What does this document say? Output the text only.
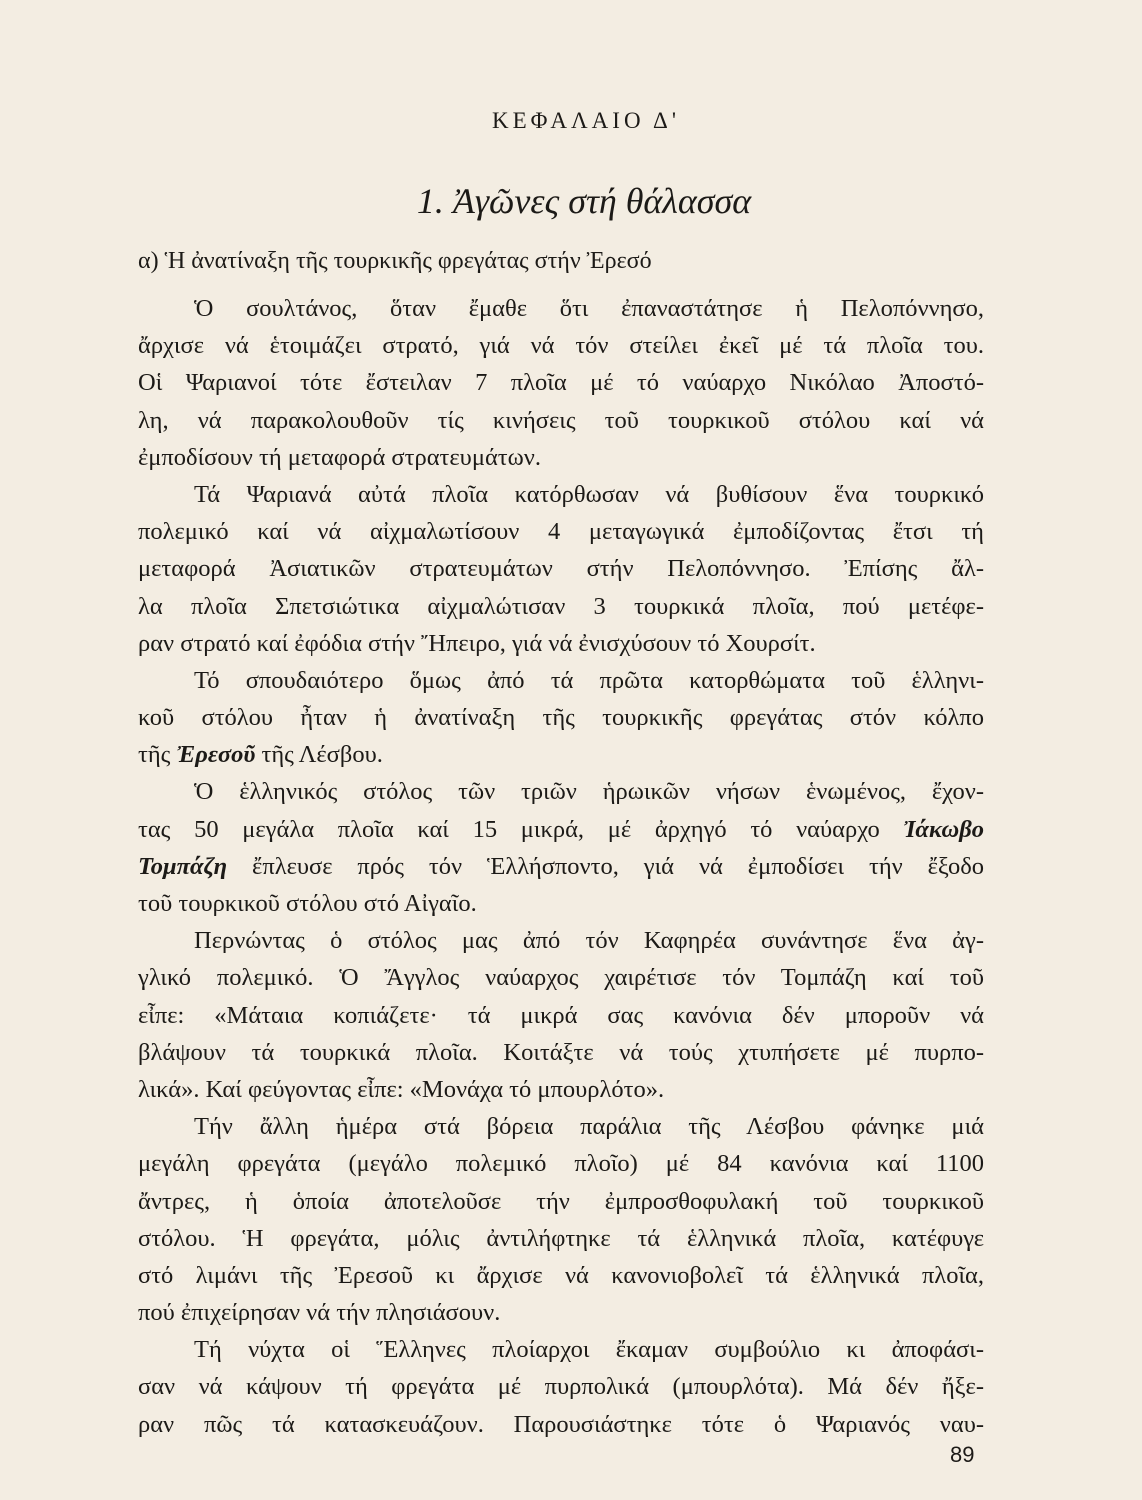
ΚΕΦΑΛΑΙΟ Δ'
1. Ἀγῶνες στή θάλασσα
α) Ἡ ἀνατίναξη τῆς τουρκικῆς φρεγάτας στήν Ἐρεσό
Ὁ σουλτάνος, ὅταν ἔμαθε ὅτι ἐπαναστάτησε ἡ Πελοπόννησο,
ἄρχισε νά ἑτοιμάζει στρατό, γιά νά τόν στείλει ἐκεῖ μέ τά πλοῖα του.
Οἱ Ψαριανοί τότε ἔστειλαν 7 πλοῖα μέ τό ναύαρχο Νικόλαο Ἀποστό-
λη, νά παρακολουθοῦν τίς κινήσεις τοῦ τουρκικοῦ στόλου καί νά
ἐμποδίσουν τή μεταφορά στρατευμάτων.
Τά Ψαριανά αὐτά πλοῖα κατόρθωσαν νά βυθίσουν ἕνα τουρκικό
πολεμικό καί νά αἰχμαλωτίσουν 4 μεταγωγικά ἐμποδίζοντας ἔτσι τή
μεταφορά Ἀσιατικῶν στρατευμάτων στήν Πελοπόννησο. Ἐπίσης ἄλ-
λα πλοῖα Σπετσιώτικα αἰχμαλώτισαν 3 τουρκικά πλοῖα, πού μετέφε-
ραν στρατό καί ἐφόδια στήν Ἤπειρο, γιά νά ἐνισχύσουν τό Χουρσίτ.
Τό σπουδαιότερο ὅμως ἀπό τά πρῶτα κατορθώματα τοῦ ἑλληνι-
κοῦ στόλου ἦταν ἡ ἀνατίναξη τῆς τουρκικῆς φρεγάτας στόν κόλπο
τῆς Ἐρεσοῦ τῆς Λέσβου.
Ὁ ἑλληνικός στόλος τῶν τριῶν ἡρωικῶν νήσων ἑνωμένος, ἔχον-
τας 50 μεγάλα πλοῖα καί 15 μικρά, μέ ἀρχηγό τό ναύαρχο Ἰάκωβο
Τομπάζη ἔπλευσε πρός τόν Ἑλλήσποντο, γιά νά ἐμποδίσει τήν ἔξοδο
τοῦ τουρκικοῦ στόλου στό Αἰγαῖο.
Περνώντας ὁ στόλος μας ἀπό τόν Καφηρέα συνάντησε ἕνα ἀγ-
γλικό πολεμικό. Ὁ Ἄγγλος ναύαρχος χαιρέτισε τόν Τομπάζη καί τοῦ
εἶπε: «Μάταια κοπιάζετε· τά μικρά σας κανόνια δέν μποροῦν νά
βλάψουν τά τουρκικά πλοῖα. Κοιτάξτε νά τούς χτυπήσετε μέ πυρπο-
λικά». Καί φεύγοντας εἶπε: «Μονάχα τό μπουρλότο».
Τήν ἄλλη ἡμέρα στά βόρεια παράλια τῆς Λέσβου φάνηκε μιά
μεγάλη φρεγάτα (μεγάλο πολεμικό πλοῖο) μέ 84 κανόνια καί 1100
ἄντρες, ἡ ὁποία ἀποτελοῦσε τήν ἐμπροσθοφυλακή τοῦ τουρκικοῦ
στόλου. Ἡ φρεγάτα, μόλις ἀντιλήφτηκε τά ἑλληνικά πλοῖα, κατέφυγε
στό λιμάνι τῆς Ἐρεσοῦ κι ἄρχισε νά κανονιοβολεῖ τά ἑλληνικά πλοῖα,
πού ἐπιχείρησαν νά τήν πλησιάσουν.
Τή νύχτα οἱ Ἕλληνες πλοίαρχοι ἔκαμαν συμβούλιο κι ἀποφάσι-
σαν νά κάψουν τή φρεγάτα μέ πυρπολικά (μπουρλότα). Μά δέν ἤξε-
ραν πῶς τά κατασκευάζουν. Παρουσιάστηκε τότε ὁ Ψαριανός ναυ-
89
